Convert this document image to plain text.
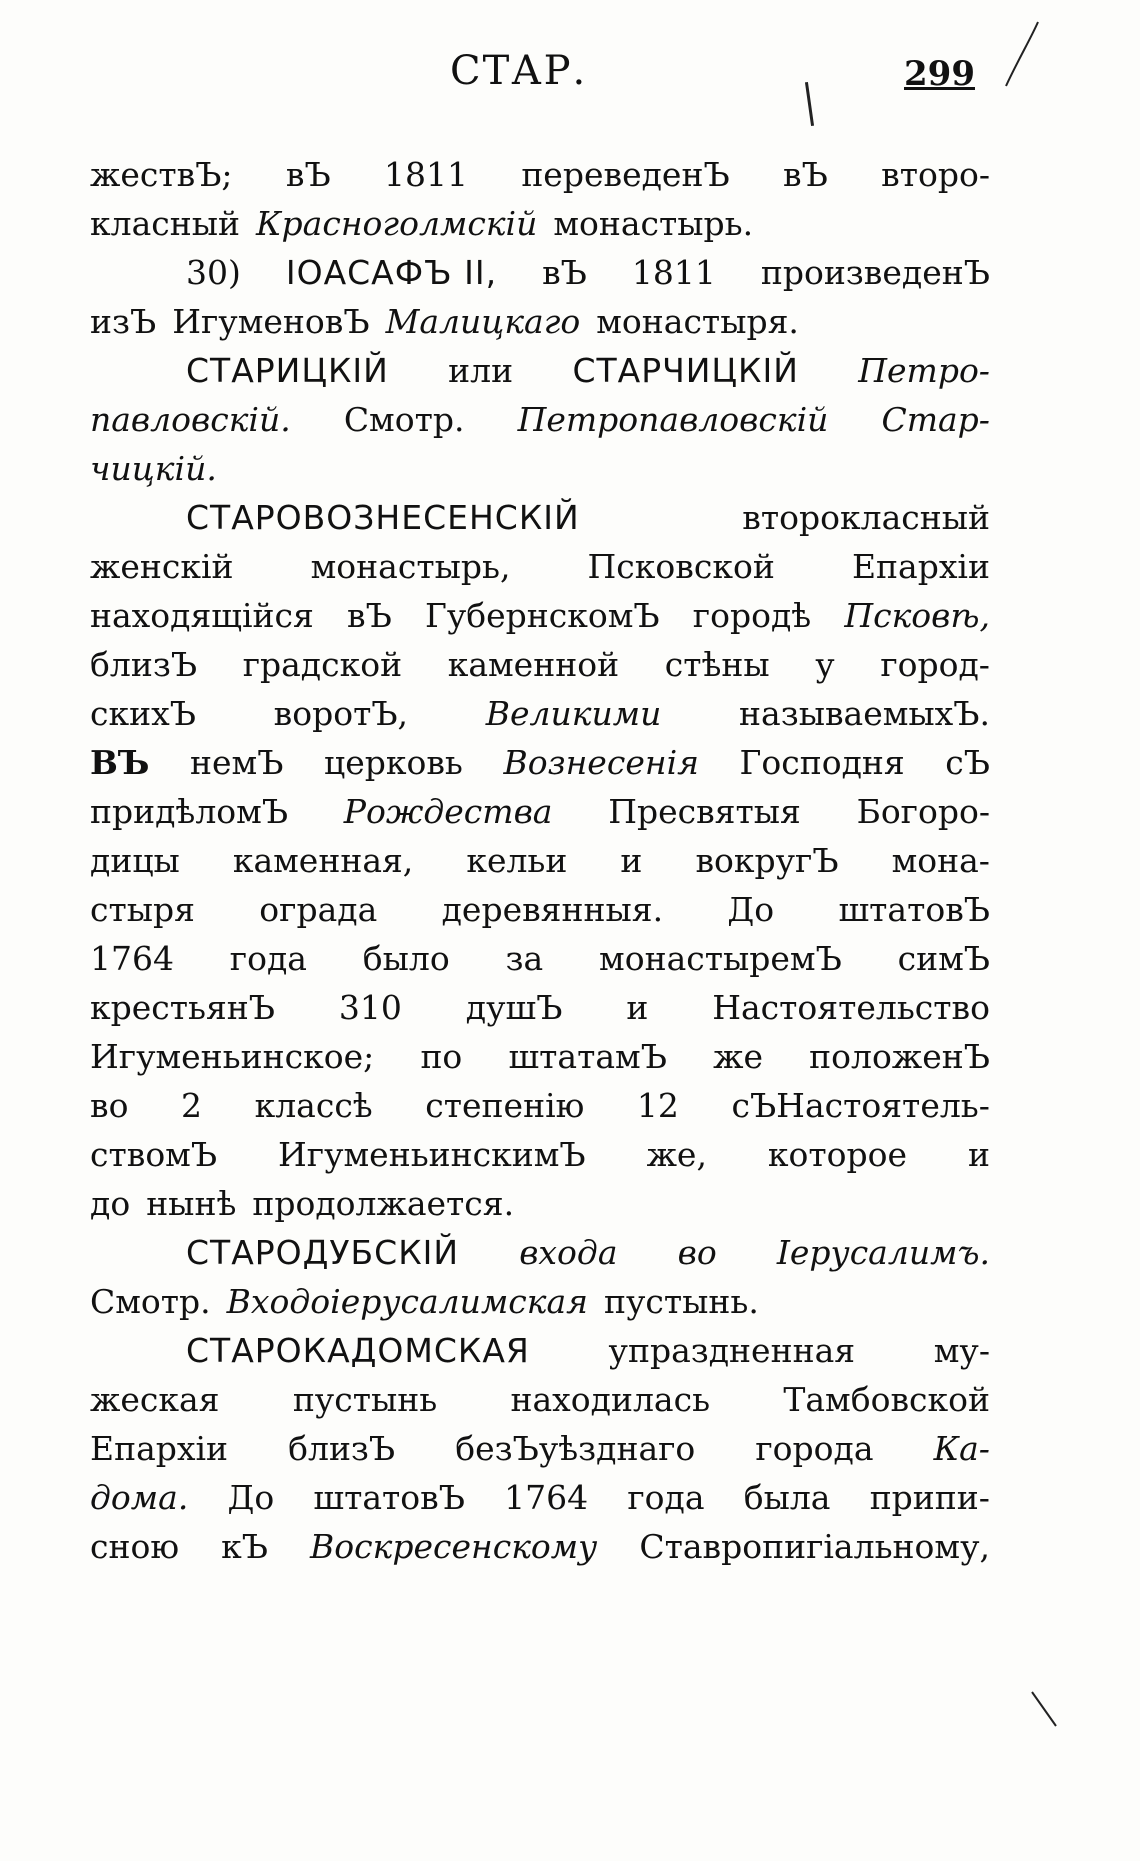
СТАР.	299
жествЪ; вЪ 1811 переведенЪ вЪ второ-
класный Красноголмскiй монастырь.
30) IОАСАФЪ II, вЪ 1811 произведенЪ
изЪ ИгуменовЪ Малицкаго монастыря.
СТАРИЦКIЙ или СТАРЧИЦКIЙ Петро-
павловскiй. Смотр. Петропавловскiй Стар-
чицкiй.
СТАРОВОЗНЕСЕНСКIЙ	второкласный
женскiй монастырь, Псковской Епархiи
находящiйся вЪ ГубернскомЪ городѣ Псковѣ,
близЪ градской каменной стѣны у город-
скихЪ воротЪ, Великими называемыхЪ.
ВЪ немЪ церковь Вознесенiя Господня сЪ
придѣломЪ Рождества Пресвятыя Богоро-
дицы каменная, кельи и вокругЪ мона-
стыря ограда деревянныя. До штатовЪ
1764 года было за монастыремЪ симЪ
крестьянЪ 310 душЪ и Настоятельство
Игуменьинское; по штатамЪ же положенЪ
во 2 классѣ степенiю 12 сЪНастоятель-
ствомЪ ИгуменьинскимЪ же, которое и
до нынѣ продолжается.
СТАРОДУБСКIЙ входа во Iерусалимъ.
Смотр. Входоiерусалимская пустынь.
СТАРОКАДОМСКАЯ упраздненная му-
жеская пустынь находилась Тамбовской
Епархiи близЪ безЪуѣзднаго города Ка-
дома. До штатовЪ 1764 года была припи-
сною кЪ Воскресенскому Ставропигiальному,
